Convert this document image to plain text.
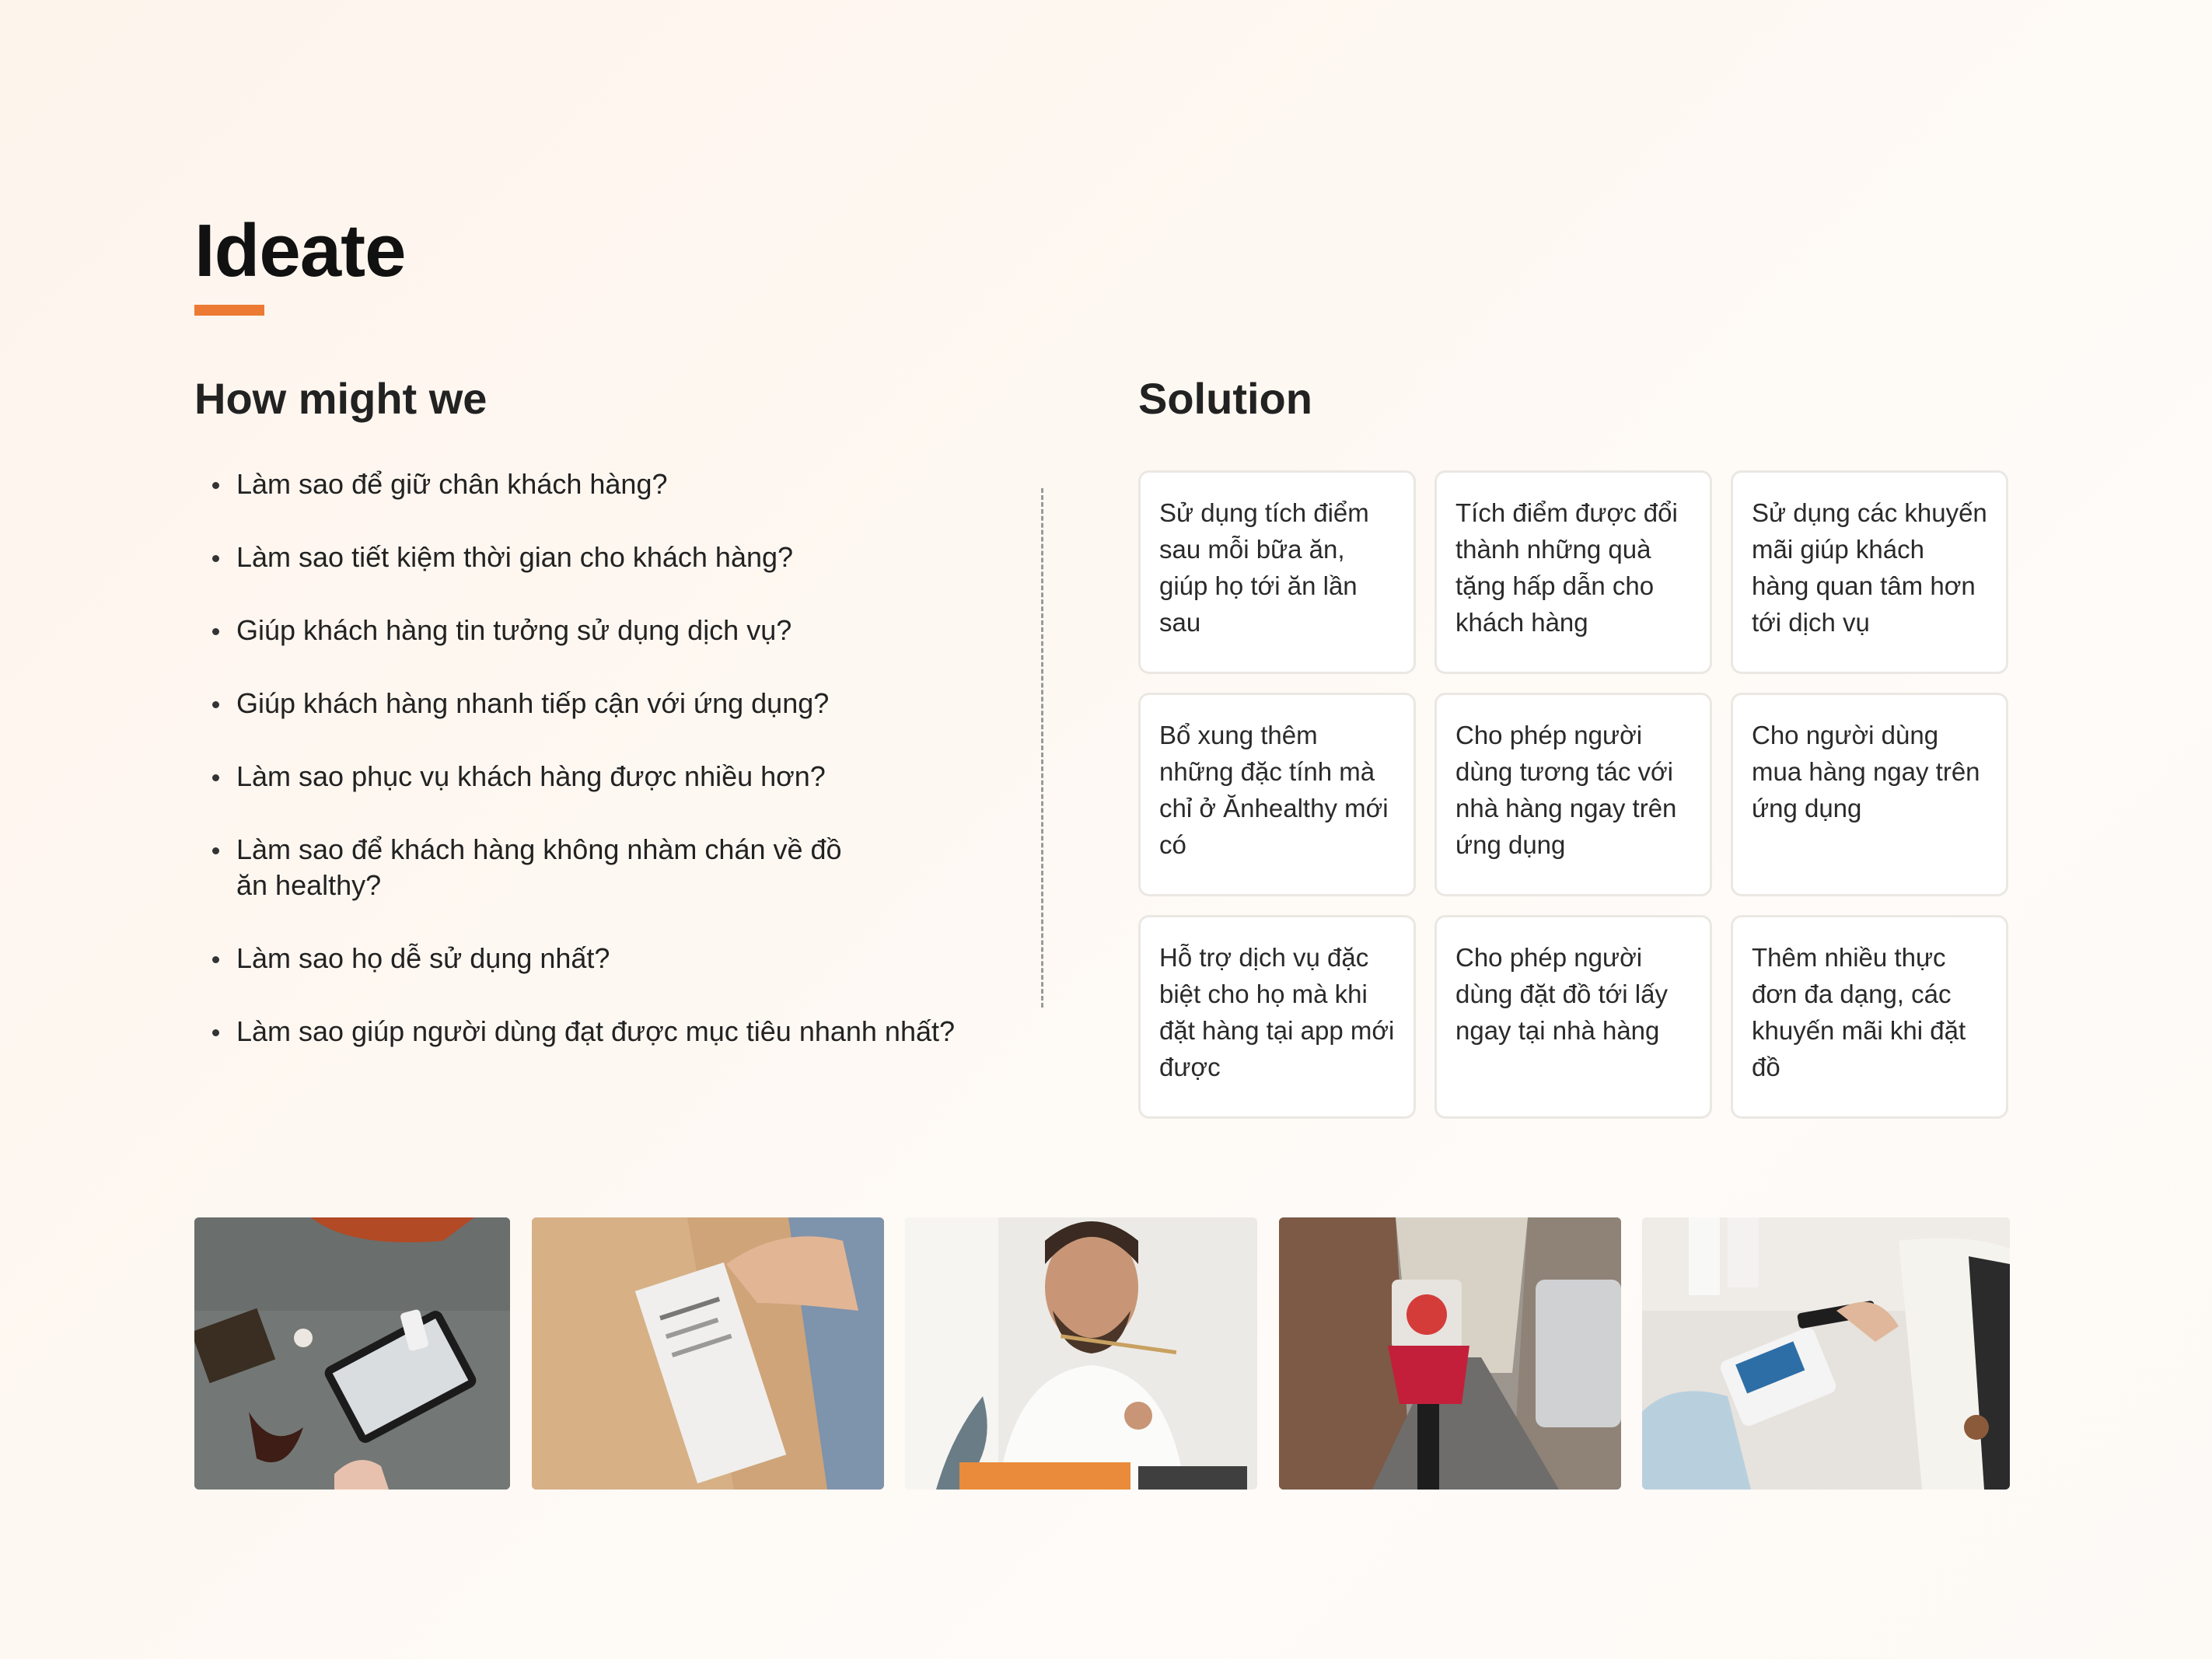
Ideate
How might we
Làm sao để giữ chân khách hàng?
Làm sao tiết kiệm thời gian cho khách hàng?
Giúp khách hàng tin tưởng sử dụng dịch vụ?
Giúp khách hàng nhanh tiếp cận với ứng dụng?
Làm sao phục vụ khách hàng được nhiều hơn?
Làm sao để khách hàng không nhàm chán về đồ ăn healthy?
Làm sao họ dễ sử dụng nhất?
Làm sao giúp người dùng đạt được mục tiêu nhanh nhất?
Solution
Sử dụng tích điểm sau mỗi bữa ăn, giúp họ tới ăn lần sau
Tích điểm được đổi thành những quà tặng hấp dẫn cho khách hàng
Sử dụng các khuyến mãi giúp khách hàng quan tâm hơn tới dịch vụ
Bổ xung thêm những đặc tính mà chỉ ở Ănhealthy mới có
Cho phép người dùng tương tác với nhà hàng ngay trên ứng dụng
Cho người dùng mua hàng ngay trên ứng dụng
Hỗ trợ dịch vụ đặc biệt cho họ mà khi đặt hàng tại app mới được
Cho phép người dùng đặt đồ tới lấy ngay tại nhà hàng
Thêm nhiều thực đơn đa dạng, các khuyến mãi khi đặt đồ
